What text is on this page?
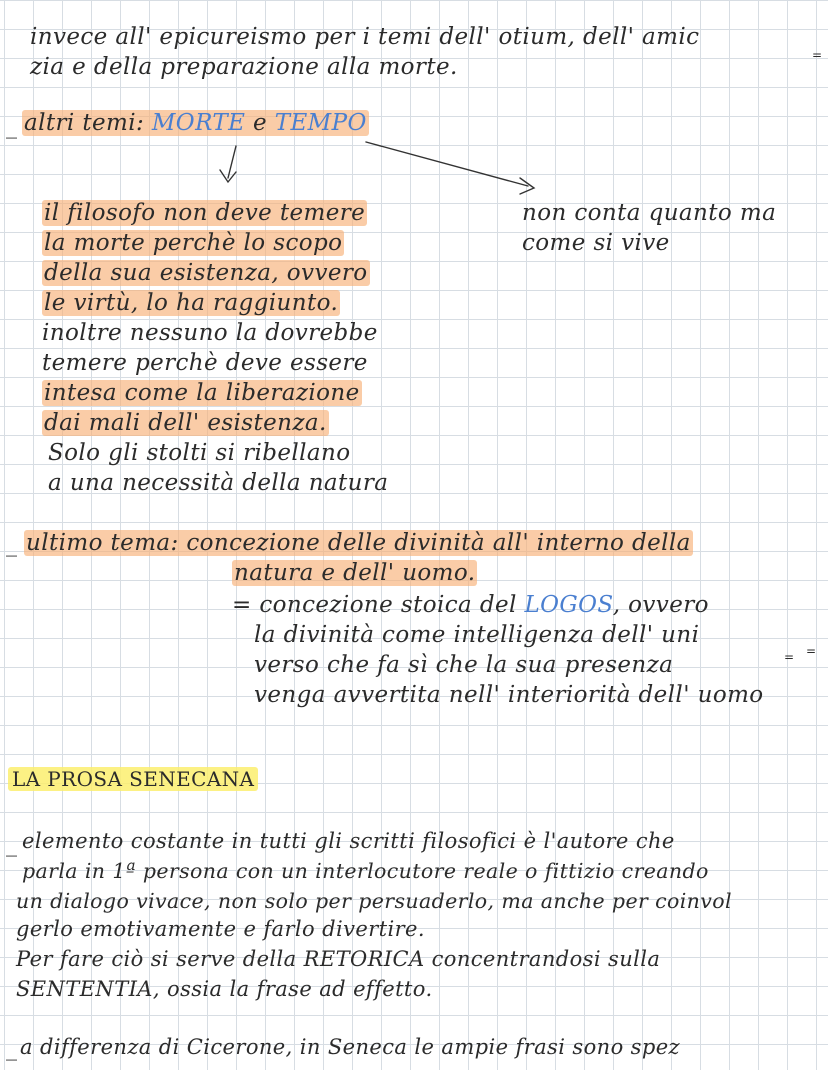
invece all' epicureismo per i temi dell' otium, dell' amic
zia e della preparazione alla morte.	=
_ altri temi: MORTE e TEMPO
non conta quanto ma
come si vive
il filosofo non deve temere
la morte perchè lo scopo
della sua esistenza, ovvero
le virtù, lo ha raggiunto.
inoltre nessuno la dovrebbe
temere perchè deve essere
intesa come la liberazione
dai mali dell' esistenza.
Solo gli stolti si ribellano
a una necessità della natura
_ ultimo tema: concezione delle divinità all' interno della
natura e dell' uomo.
= concezione stoica del LOGOS, ovvero
la divinità come intelligenza dell' uni
=
verso che fa sì che la sua presenza	=
venga avvertita nell' interiorità dell' uomo
LA PROSA SENECANA
_ elemento costante in tutti gli scritti filosofici è l'autore che
parla in 1ª persona con un interlocutore reale o fittizio creando
un dialogo vivace, non solo per persuaderlo, ma anche per coinvol
gerlo emotivamente e farlo divertire.
Per fare ciò si serve della RETORICA concentrandosi sulla
SENTENTIA, ossia la frase ad effetto.
_ a differenza di Cicerone, in Seneca le ampie frasi sono spez
